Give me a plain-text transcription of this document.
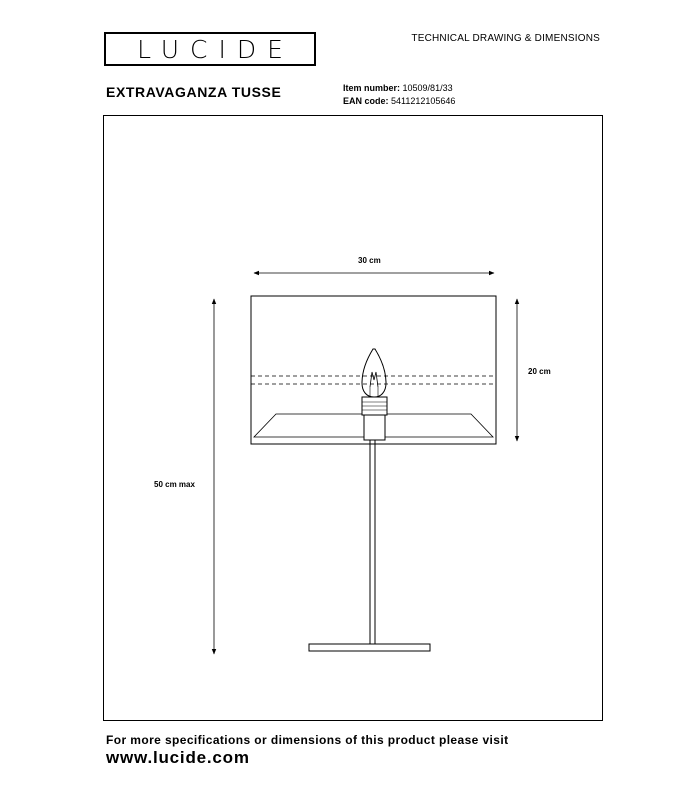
LUCIDE	TECHNICAL DRAWING & DIMENSIONS
EXTRAVAGANZA TUSSE	Item number: 10509/81/33
EAN code: 5411212105646
30 cm
20 cm
50 cm max
For more specifications or dimensions of this product please visit
www.lucide.com
